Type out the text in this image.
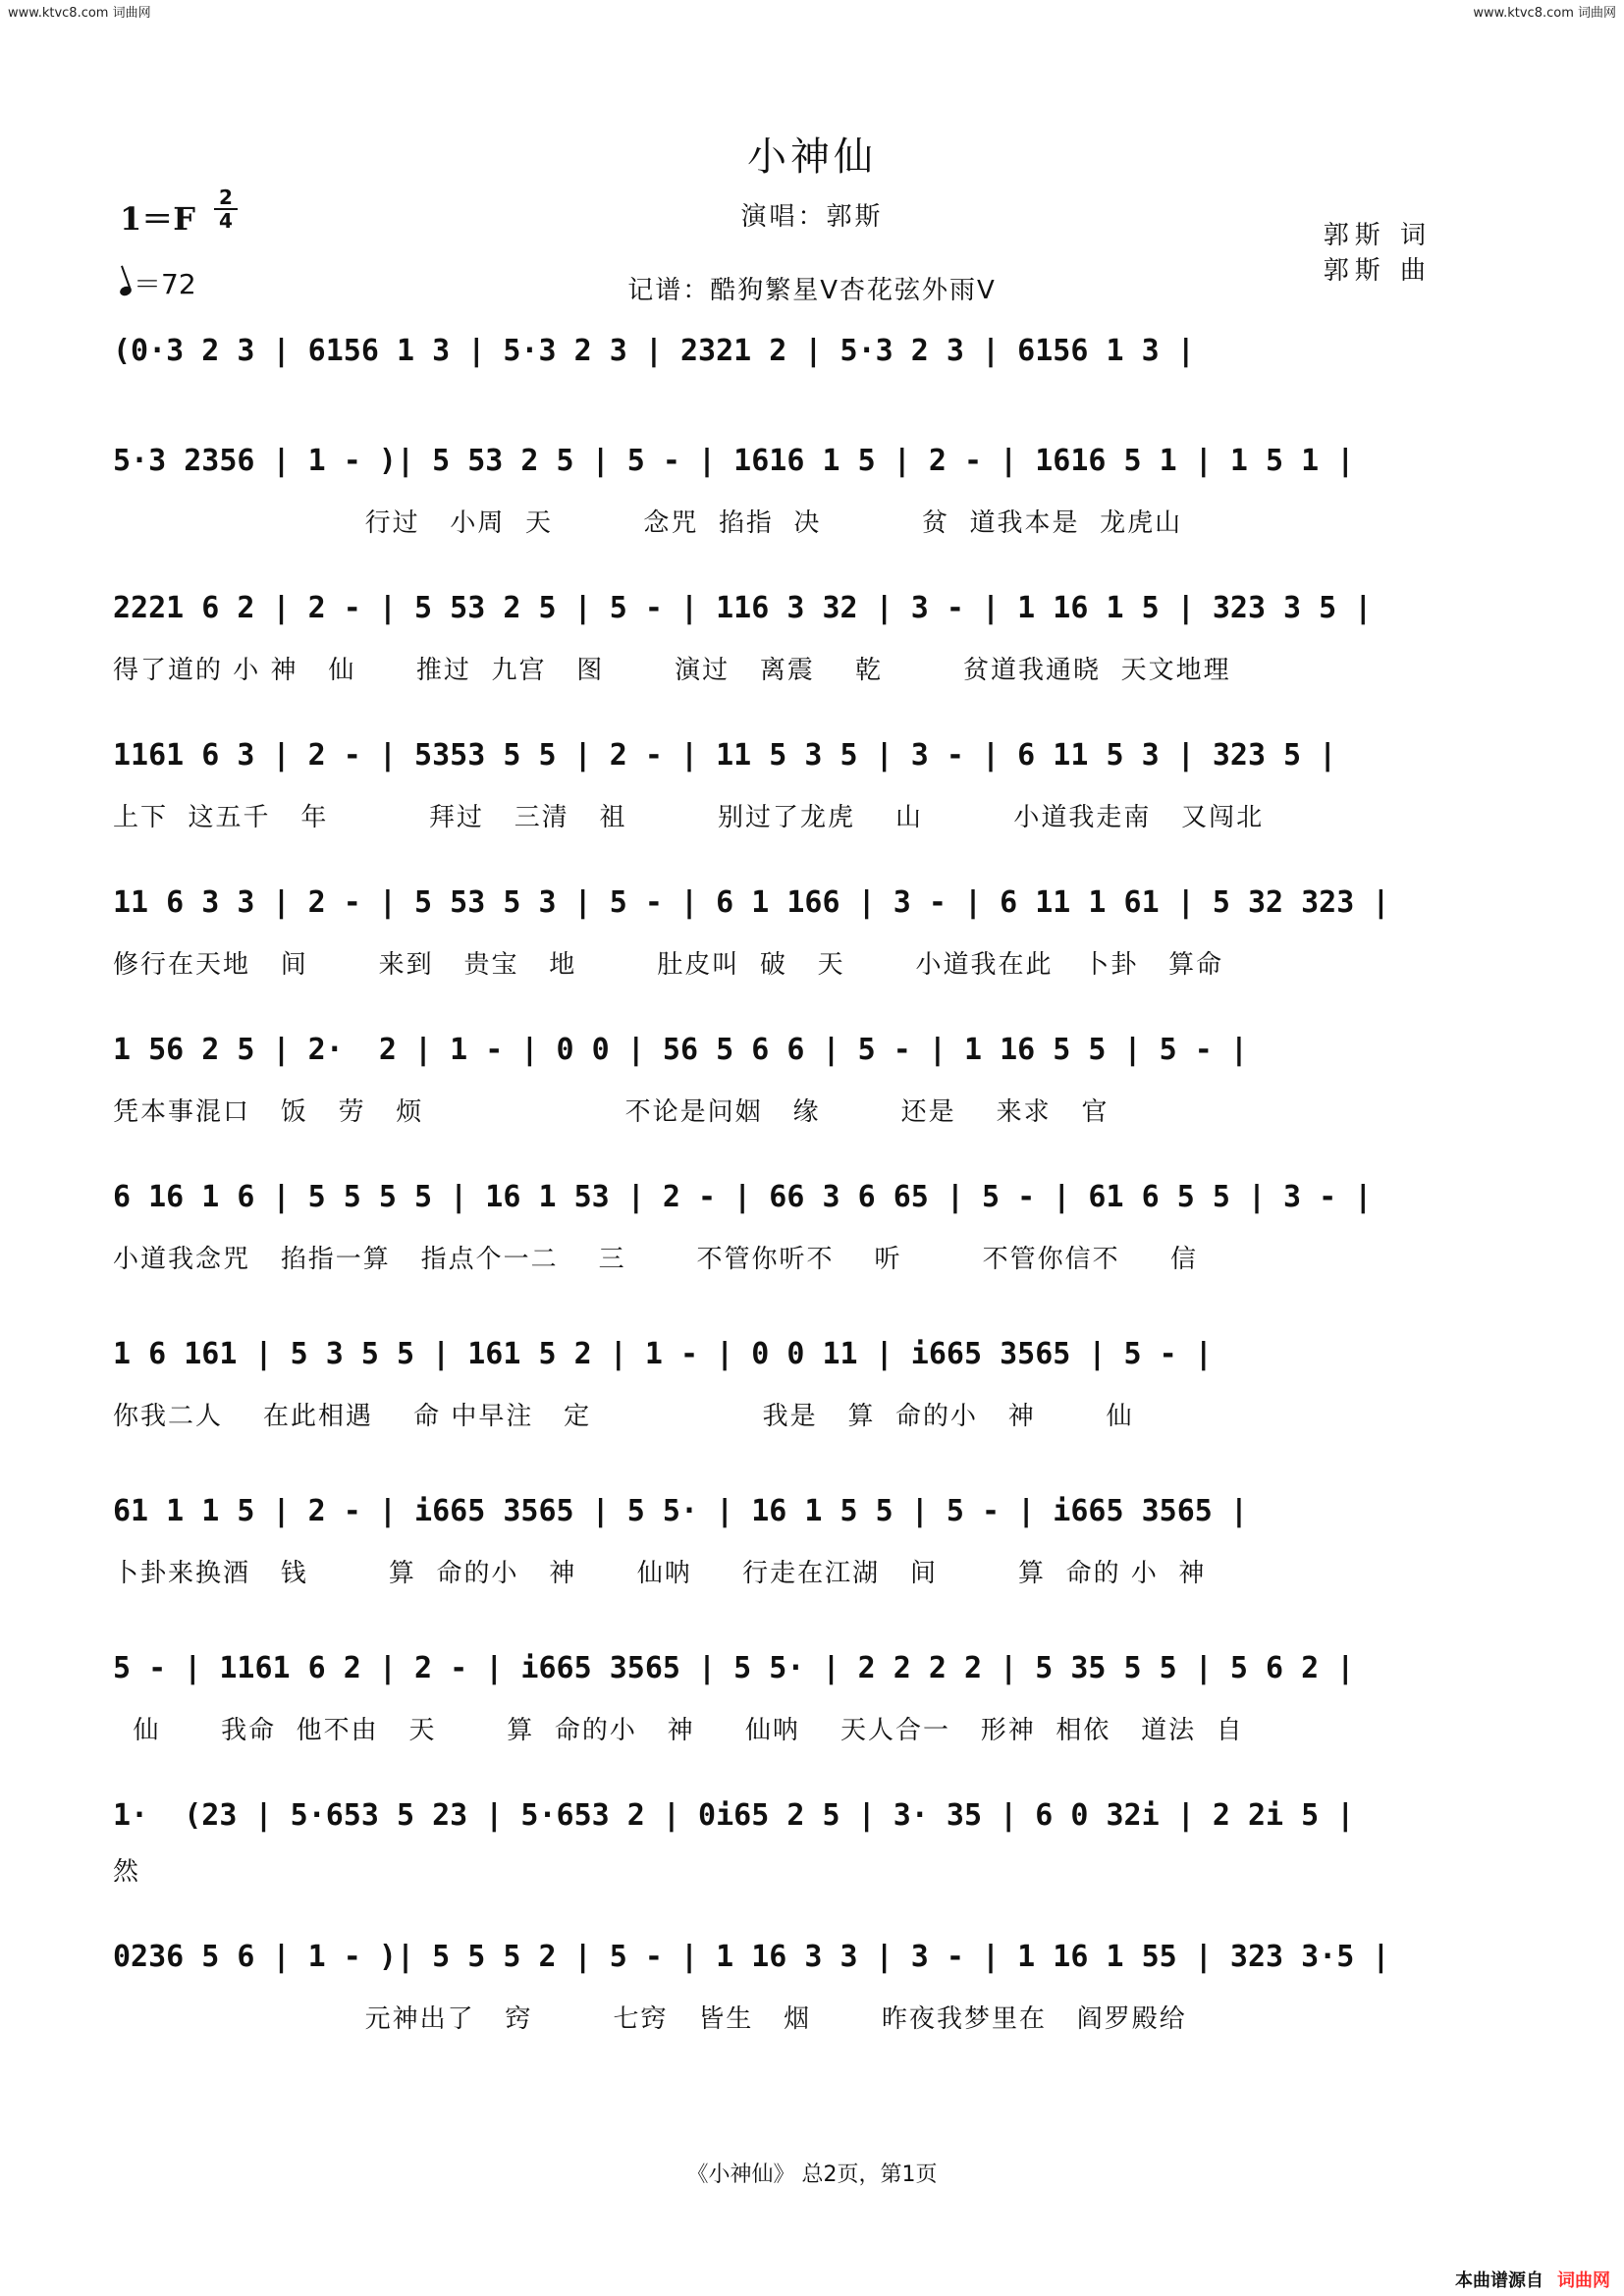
www.ktvc8.com 词曲网	www.ktvc8.com 词曲网
小神仙
演唱：郭斯
1＝F
2
4
＝72
郭斯 词
郭斯 曲
记谱：酷狗繁星V杏花弦外雨V
(0·3 2 3 | 6156 1 3 | 5·3 2 3 | 2321 2 | 5·3 2 3 | 6156 1 3 |
5·3 2356 | 1 - )| 5 53 2 5 | 5 - | 1616 1 5 | 2 - | 1616 5 1 | 1 5 1 |
行过   小周  天         念咒  掐指  决          贫  道我本是  龙虎山
2221 6 2 | 2 - | 5 53 2 5 | 5 - | 116 3 32 | 3 - | 1 16 1 5 | 323 3 5 |
得了道的 小 神   仙      推过  九宫   图       演过   离震    乾        贫道我通晓  天文地理
1161 6 3 | 2 - | 5353 5 5 | 2 - | 11 5 3 5 | 3 - | 6 11 5 3 | 323 5 |
上下  这五千   年          拜过   三清   祖         别过了龙虎    山         小道我走南   又闯北
11 6 3 3 | 2 - | 5 53 5 3 | 5 - | 6 1 166 | 3 - | 6 11 1 61 | 5 32 323 |
修行在天地   间       来到   贵宝   地        肚皮叫  破   天       小道我在此   卜卦   算命
1 56 2 5 | 2·  2 | 1 - | 0 0 | 56 5 6 6 | 5 - | 1 16 5 5 | 5 - |
凭本事混口   饭   劳   烦                    不论是问姻   缘        还是    来求   官
6 16 1 6 | 5 5 5 5 | 16 1 53 | 2 - | 66 3 6 65 | 5 - | 61 6 5 5 | 3 - |
小道我念咒   掐指一算   指点个一二    三       不管你听不    听        不管你信不     信
1 6 161 | 5 3 5 5 | 161 5 2 | 1 - | 0 0 11 | i665 3565 | 5 - |
你我二人    在此相遇    命 中早注   定                 我是   算  命的小   神       仙
61 1 1 5 | 2 - | i665 3565 | 5 5· | 16 1 5 5 | 5 - | i665 3565 |
卜卦来换酒   钱        算  命的小   神      仙呐     行走在江湖   间        算  命的 小  神
5 - | 1161 6 2 | 2 - | i665 3565 | 5 5· | 2 2 2 2 | 5 35 5 5 | 5 6 2 |
仙      我命  他不由   天       算  命的小   神     仙呐    天人合一   形神  相依   道法  自
1·  (23 | 5·653 5 23 | 5·653 2 | 0i65 2 5 | 3· 35 | 6 0 32i | 2 2i 5 |
然
0236 5 6 | 1 - )| 5 5 5 2 | 5 - | 1 16 3 3 | 3 - | 1 16 1 55 | 323 3·5 |
元神出了   窍        七窍   皆生   烟       昨夜我梦里在   阎罗殿给
《小神仙》 总2页，第1页
本曲谱源自 词曲网
